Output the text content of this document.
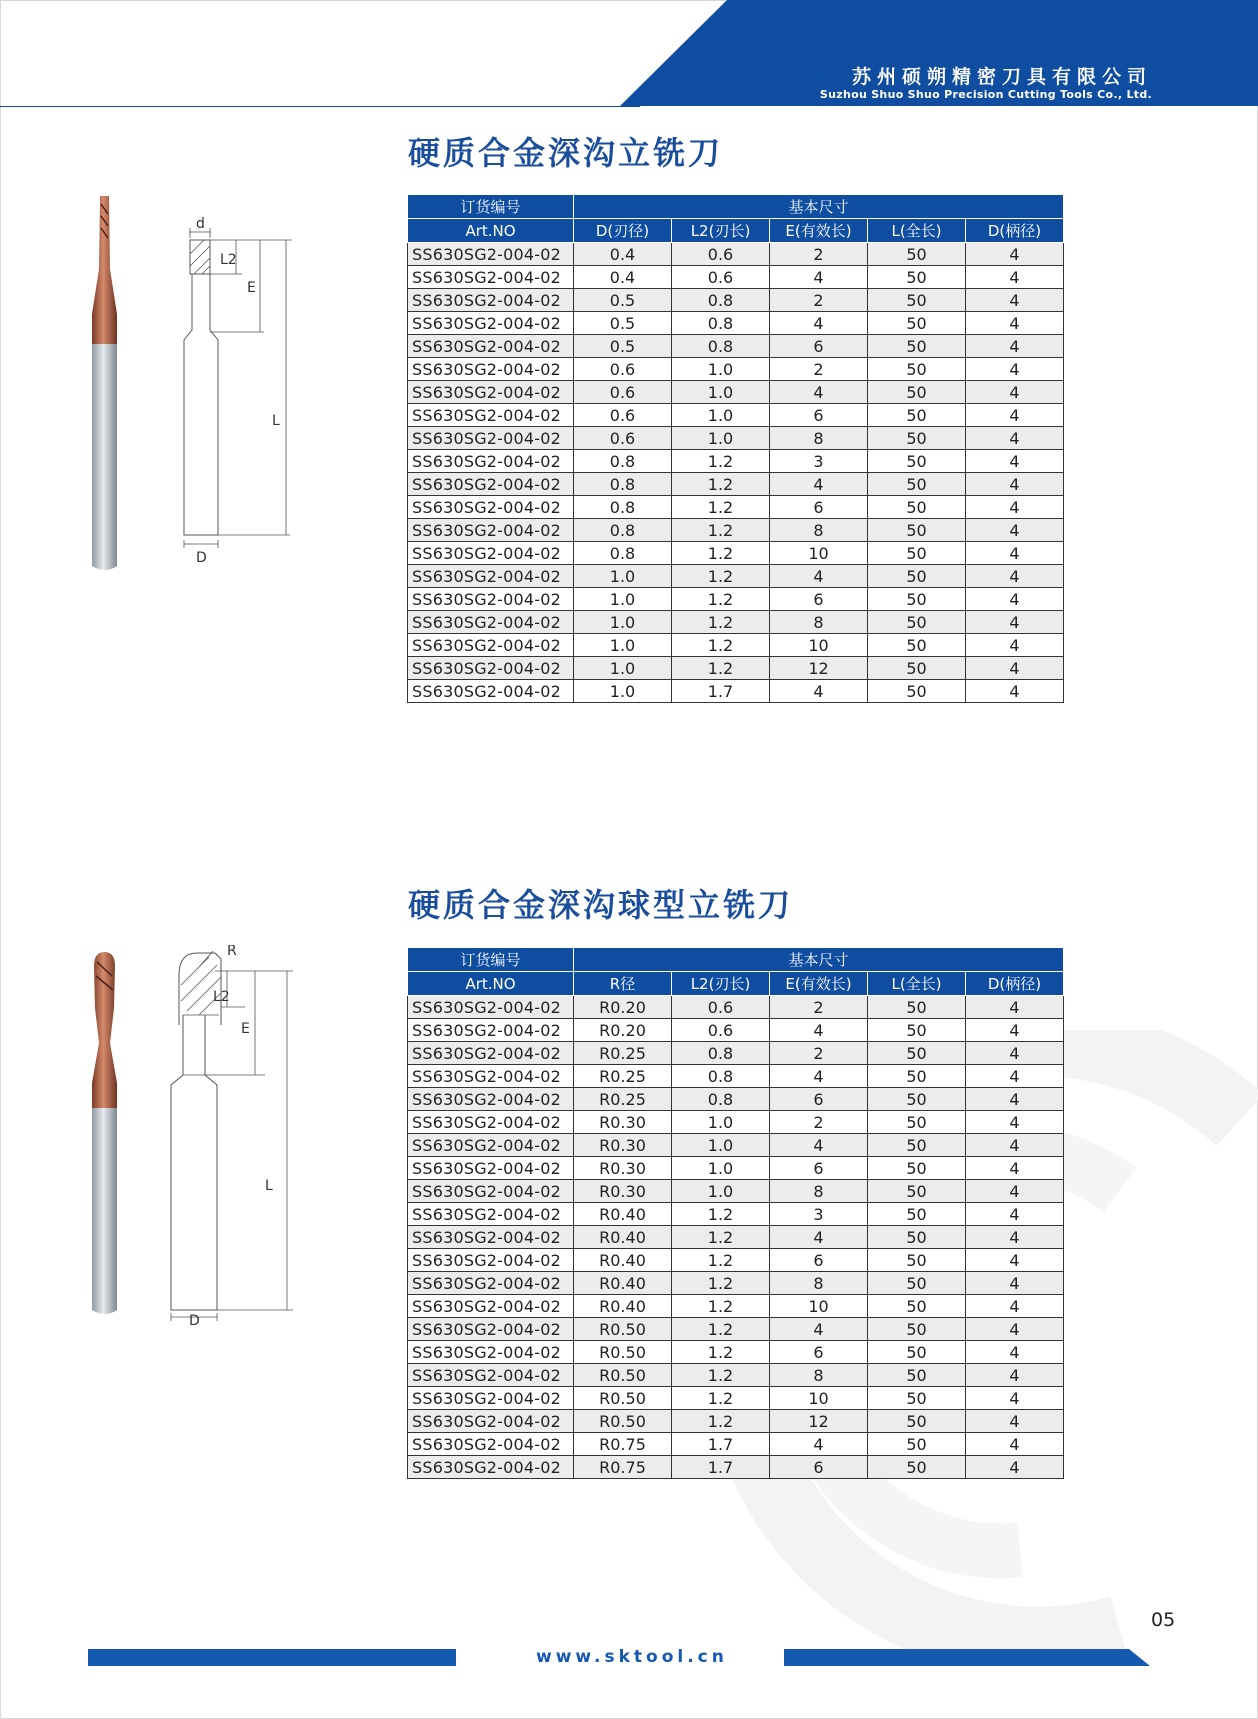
苏州硕朔精密刀具有限公司
Suzhou Shuo Shuo Precision Cutting Tools Co., Ltd.
硬质合金深沟立铣刀
d
L2
E
L
D
订货编号	基本尺寸				
Art.NO	D(刃径)	L2(刃长)	E(有效长)	L(全长)	D(柄径)
SS630SG2-004-02	0.4	0.6	2	50	4
SS630SG2-004-02	0.4	0.6	4	50	4
SS630SG2-004-02	0.5	0.8	2	50	4
SS630SG2-004-02	0.5	0.8	4	50	4
SS630SG2-004-02	0.5	0.8	6	50	4
SS630SG2-004-02	0.6	1.0	2	50	4
SS630SG2-004-02	0.6	1.0	4	50	4
SS630SG2-004-02	0.6	1.0	6	50	4
SS630SG2-004-02	0.6	1.0	8	50	4
SS630SG2-004-02	0.8	1.2	3	50	4
SS630SG2-004-02	0.8	1.2	4	50	4
SS630SG2-004-02	0.8	1.2	6	50	4
SS630SG2-004-02	0.8	1.2	8	50	4
SS630SG2-004-02	0.8	1.2	10	50	4
SS630SG2-004-02	1.0	1.2	4	50	4
SS630SG2-004-02	1.0	1.2	6	50	4
SS630SG2-004-02	1.0	1.2	8	50	4
SS630SG2-004-02	1.0	1.2	10	50	4
SS630SG2-004-02	1.0	1.2	12	50	4
SS630SG2-004-02	1.0	1.7	4	50	4
硬质合金深沟球型立铣刀
R
L2
E
L
D
订货编号	基本尺寸				
Art.NO	R径	L2(刃长)	E(有效长)	L(全长)	D(柄径)
SS630SG2-004-02	R0.20	0.6	2	50	4
SS630SG2-004-02	R0.20	0.6	4	50	4
SS630SG2-004-02	R0.25	0.8	2	50	4
SS630SG2-004-02	R0.25	0.8	4	50	4
SS630SG2-004-02	R0.25	0.8	6	50	4
SS630SG2-004-02	R0.30	1.0	2	50	4
SS630SG2-004-02	R0.30	1.0	4	50	4
SS630SG2-004-02	R0.30	1.0	6	50	4
SS630SG2-004-02	R0.30	1.0	8	50	4
SS630SG2-004-02	R0.40	1.2	3	50	4
SS630SG2-004-02	R0.40	1.2	4	50	4
SS630SG2-004-02	R0.40	1.2	6	50	4
SS630SG2-004-02	R0.40	1.2	8	50	4
SS630SG2-004-02	R0.40	1.2	10	50	4
SS630SG2-004-02	R0.50	1.2	4	50	4
SS630SG2-004-02	R0.50	1.2	6	50	4
SS630SG2-004-02	R0.50	1.2	8	50	4
SS630SG2-004-02	R0.50	1.2	10	50	4
SS630SG2-004-02	R0.50	1.2	12	50	4
SS630SG2-004-02	R0.75	1.7	4	50	4
SS630SG2-004-02	R0.75	1.7	6	50	4
05
www.sktool.cn
